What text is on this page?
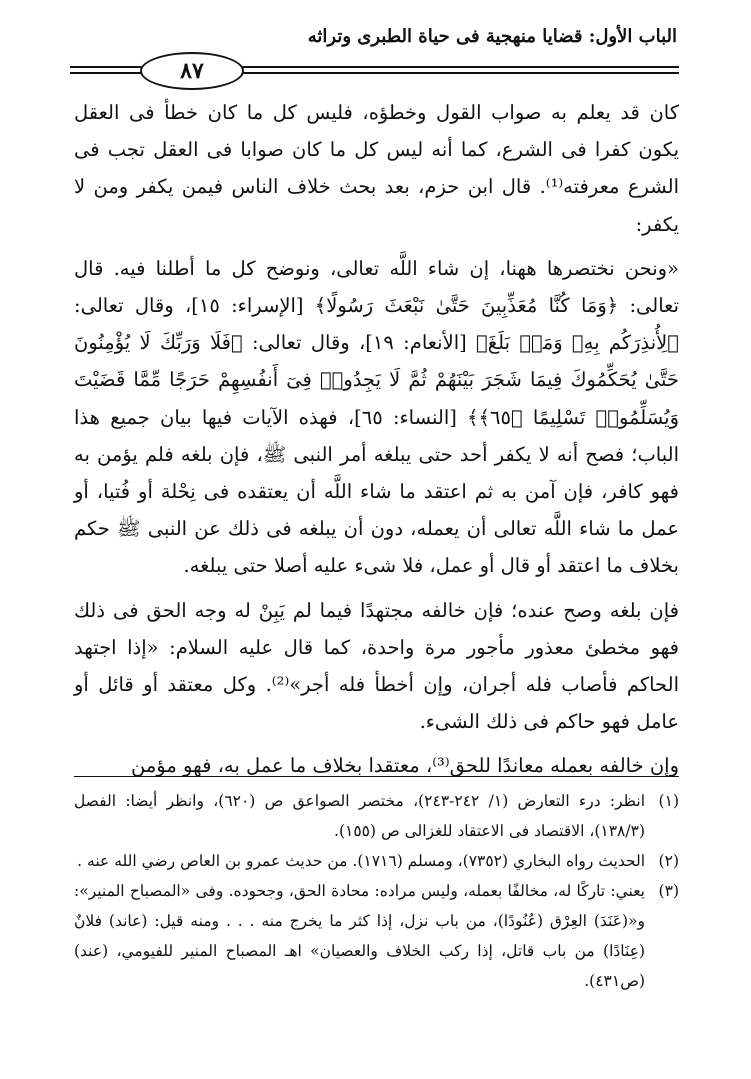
الباب الأول: قضايا منهجية فى حياة الطبرى وتراثه
٨٧

كان قد يعلم به صواب القول وخطؤه، فليس كل ما كان خطأ فى العقل يكون كفرا فى الشرع، كما أنه ليس كل ما كان صوابا فى العقل تجب فى الشرع معرفته⁽¹⁾. قال ابن حزم، بعد بحث خلاف الناس فيمن يكفر ومن لا يكفر:

«ونحن نختصرها ههنا، إن شاء اللَّه تعالى، ونوضح كل ما أطلنا فيه. قال تعالى: ﴿وَمَا كُنَّا مُعَذِّبِينَ حَتَّىٰ نَبْعَثَ رَسُولًا﴾ [الإسراء: ١٥]، وقال تعالى: ﴿لِأُنذِرَكُم بِهِۦ وَمَنۢ بَلَغَ﴾ [الأنعام: ١٩]، وقال تعالى: ﴿فَلَا وَرَبِّكَ لَا يُؤْمِنُونَ حَتَّىٰ يُحَكِّمُوكَ فِيمَا شَجَرَ بَيْنَهُمْ ثُمَّ لَا يَجِدُوا۟ فِىٓ أَنفُسِهِمْ حَرَجًا مِّمَّا قَضَيْتَ وَيُسَلِّمُوا۟ تَسْلِيمًا ﴿٦٥﴾﴾ [النساء: ٦٥]، فهذه الآيات فيها بيان جميع هذا الباب؛ فصح أنه لا يكفر أحد حتى يبلغه أمر النبى ﷺ، فإن بلغه فلم يؤمن به فهو كافر، فإن آمن به ثم اعتقد ما شاء اللَّه أن يعتقده فى نِحْلة أو فُتيا، أو عمل ما شاء اللَّه تعالى أن يعمله، دون أن يبلغه فى ذلك عن النبى ﷺ حكم بخلاف ما اعتقد أو قال أو عمل، فلا شىء عليه أصلا حتى يبلغه.

فإن بلغه وصح عنده؛ فإن خالفه مجتهدًا فيما لم يَبِنْ له وجه الحق فى ذلك فهو مخطئ معذور مأجور مرة واحدة، كما قال عليه السلام: «إذا اجتهد الحاكم فأصاب فله أجران، وإن أخطأ فله أجر»⁽²⁾. وكل معتقد أو قائل أو عامل فهو حاكم فى ذلك الشىء.

وإن خالفه بعمله معاندًا للحق⁽³⁾، معتقدا بخلاف ما عمل به، فهو مؤمن

(١)
انظر: درء التعارض (١/ ٢٤٢-٢٤٣)، مختصر الصواعق ص (٦٢٠)، وانظر أيضا: الفصل (١٣٨/٣)، الاقتصاد فى الاعتقاد للغزالى ص (١٥٥).
(٢)
الحديث رواه البخاري (٧٣٥٢)، ومسلم (١٧١٦). من حديث عمرو بن العاص رضي الله عنه .
(٣)
يعني: تاركًا له، مخالفًا بعمله، وليس مراده: محادة الحق، وجحوده. وفى «المصباح المنير»: و«(عَنَدَ) العِرْق (عُنُودًا)، من باب نزل، إذا كثر ما يخرج منه . . . ومنه قيل: (عاند) فلانٌ (عِنَادًا) من باب قاتل، إذا ركب الخلاف والعصيان» اهـ المصباح المنير للفيومي، (عند) (ص٤٣١).
